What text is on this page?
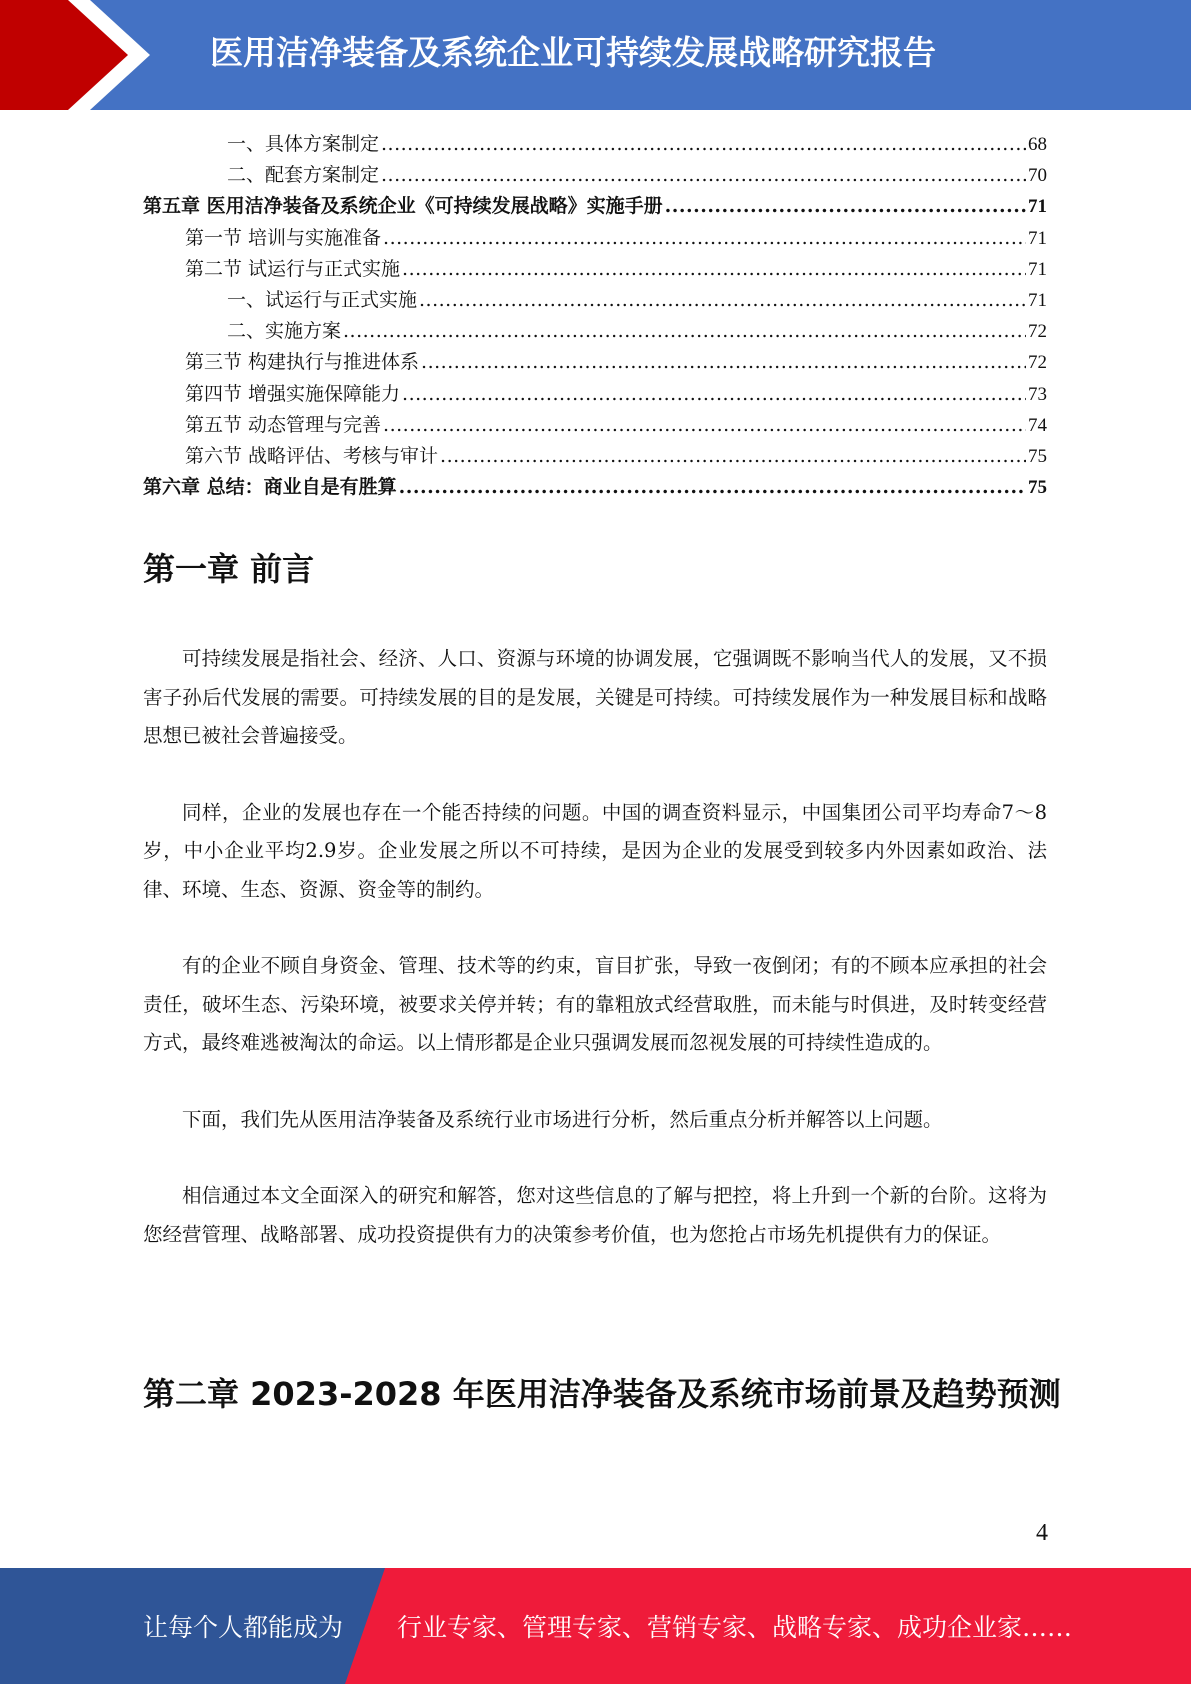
医用洁净装备及系统企业可持续发展战略研究报告
一、具体方案制定 .....	68
二、配套方案制定 .....	70
第五章 医用洁净装备及系统企业《可持续发展战略》实施手册 .....	71
第一节 培训与实施准备 .....	71
第二节 试运行与正式实施 .....	71
一、试运行与正式实施 .....	71
二、实施方案 .....	72
第三节 构建执行与推进体系 .....	72
第四节 增强实施保障能力 .....	73
第五节 动态管理与完善 .....	74
第六节 战略评估、考核与审计 .....	75
第六章 总结：商业自是有胜算 .....	75
第一章 前言

可持续发展是指社会、经济、人口、资源与环境的协调发展，它强调既不影响当代人的发展，又不损害子孙后代发展的需要。可持续发展的目的是发展，关键是可持续。可持续发展作为一种发展目标和战略思想已被社会普遍接受。

同样，企业的发展也存在一个能否持续的问题。中国的调查资料显示，中国集团公司平均寿命7～8岁，中小企业平均2.9岁。企业发展之所以不可持续，是因为企业的发展受到较多内外因素如政治、法律、环境、生态、资源、资金等的制约。

有的企业不顾自身资金、管理、技术等的约束，盲目扩张，导致一夜倒闭；有的不顾本应承担的社会责任，破坏生态、污染环境，被要求关停并转；有的靠粗放式经营取胜，而未能与时俱进，及时转变经营方式，最终难逃被淘汰的命运。以上情形都是企业只强调发展而忽视发展的可持续性造成的。

下面，我们先从医用洁净装备及系统行业市场进行分析，然后重点分析并解答以上问题。

相信通过本文全面深入的研究和解答，您对这些信息的了解与把控，将上升到一个新的台阶。这将为您经营管理、战略部署、成功投资提供有力的决策参考价值，也为您抢占市场先机提供有力的保证。

第二章 2023-2028 年医用洁净装备及系统市场前景及趋势预测
4
让每个人都能成为 行业专家、管理专家、营销专家、战略专家、成功企业家……
